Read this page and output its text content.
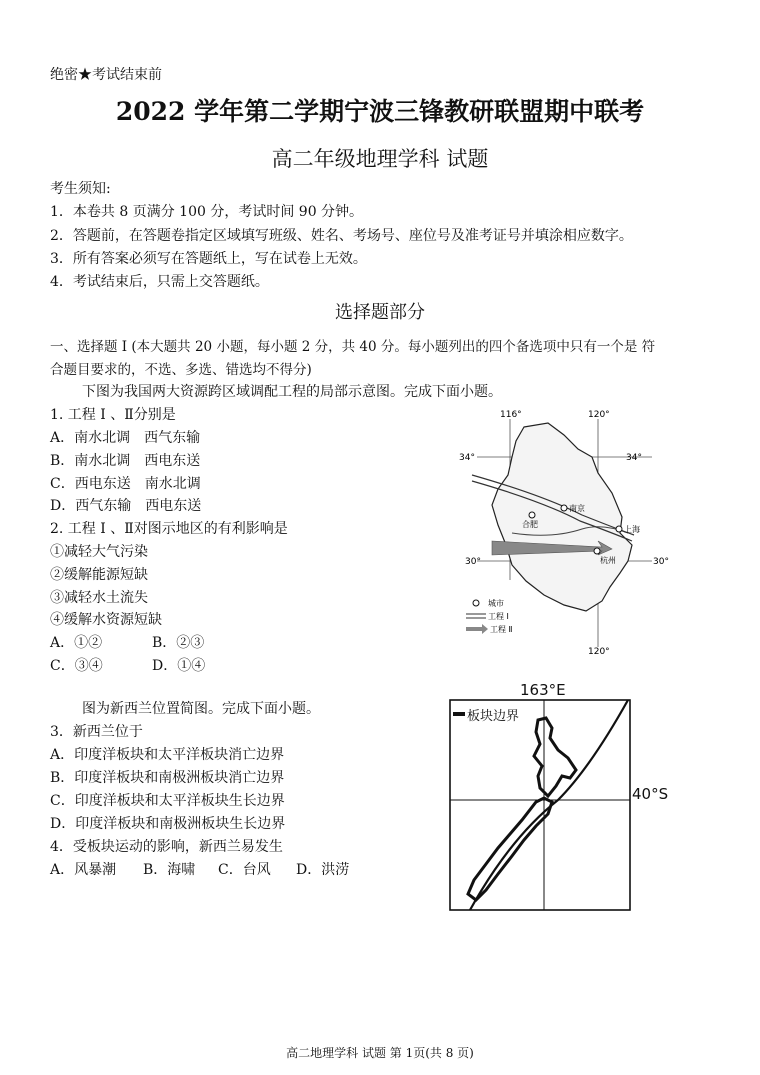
绝密★考试结束前
2022 学年第二学期宁波三锋教研联盟期中联考
高二年级地理学科 试题
考生须知:
1．本卷共 8 页满分 100 分，考试时间 90 分钟。
2．答题前，在答题卷指定区域填写班级、姓名、考场号、座位号及准考证号并填涂相应数字。
3．所有答案必须写在答题纸上，写在试卷上无效。
4．考试结束后，只需上交答题纸。
选择题部分
一、选择题 Ⅰ (本大题共 20 小题，每小题 2 分，共 40 分。每小题列出的四个备选项中只有一个是 符
合题目要求的，不选、多选、错选均不得分)
下图为我国两大资源跨区域调配工程的局部示意图。完成下面小题。
1. 工程 Ⅰ 、Ⅱ分别是
A．南水北调　西气东输
B．南水北调　西电东送
C．西电东送　南水北调
D．西气东输　西电东送
2. 工程 Ⅰ 、Ⅱ对图示地区的有利影响是
①减轻大气污染
②缓解能源短缺
③减轻水土流失
④缓解水资源短缺
A．①②	B．②③
C．③④	D．①④
116°	120°
120°
34°	34°
30°	30°
南京
合肥
上海
杭州
城市
工程 Ⅰ
工程 Ⅱ
图为新西兰位置简图。完成下面小题。
3．新西兰位于
A．印度洋板块和太平洋板块消亡边界
B．印度洋板块和南极洲板块消亡边界
C．印度洋板块和太平洋板块生长边界
D．印度洋板块和南极洲板块生长边界
4．受板块运动的影响，新西兰易发生
A．风暴潮 B．海啸 C．台风 D．洪涝
163°E
40°S
板块边界
高二地理学科 试题 第 1页(共 8 页)
